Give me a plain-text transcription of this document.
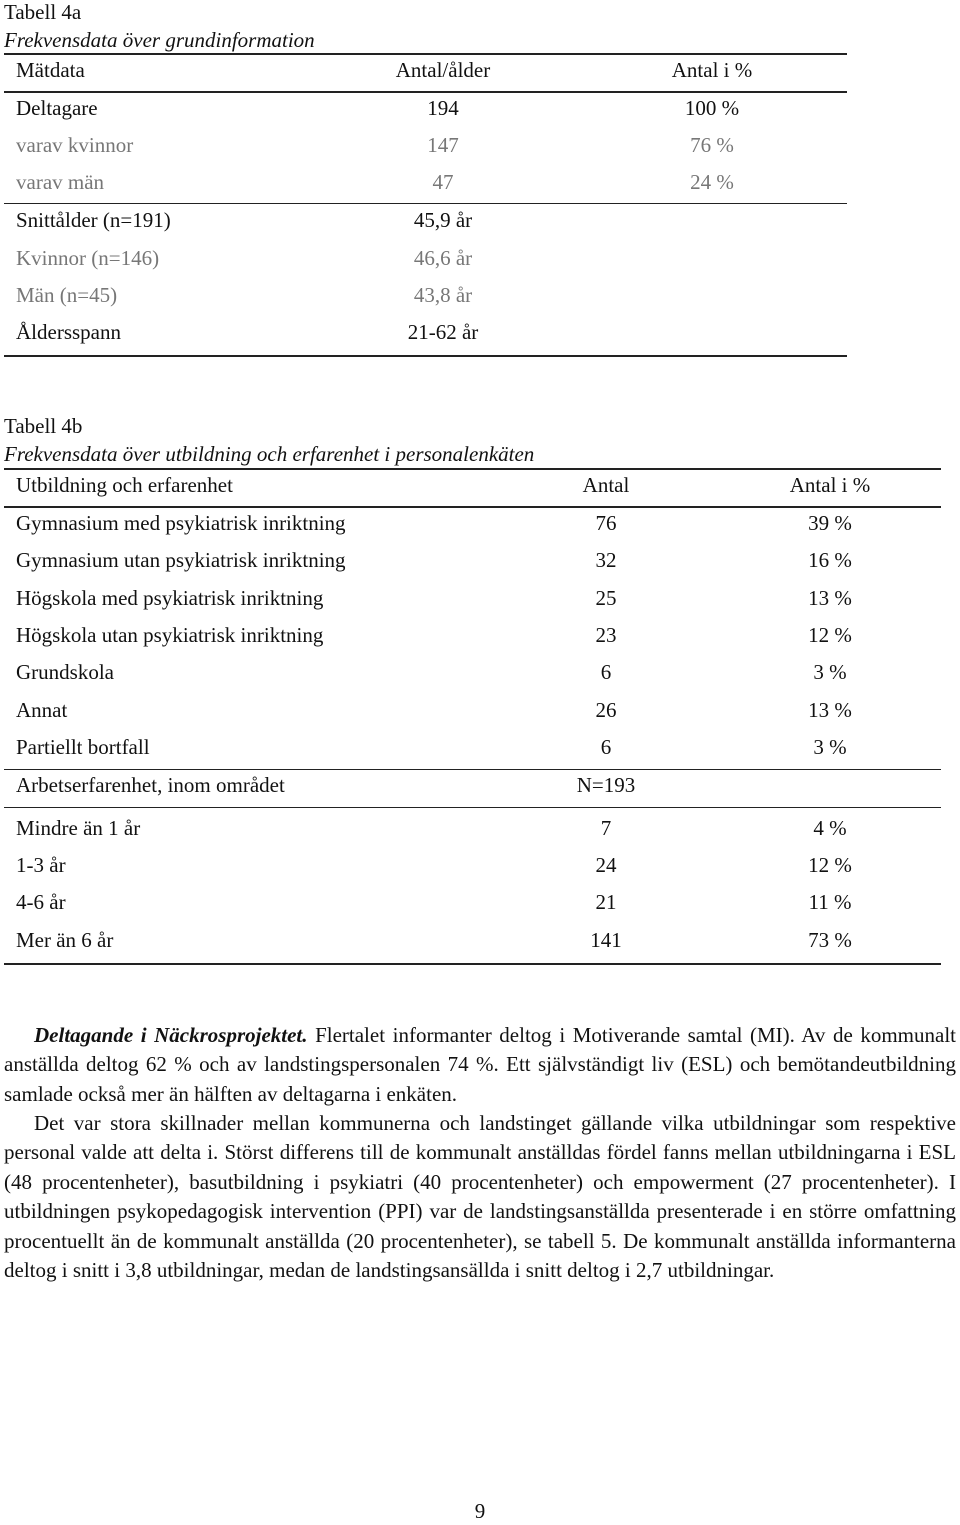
Tabell 4a
Frekvensdata över grundinformation
Mätdata	Antal/ålder	Antal i %
Deltagare	194	100 %
varav kvinnor	147	76 %
varav män	47	24 %
Snittålder (n=191)	45,9 år
Kvinnor (n=146)	46,6 år
Män (n=45)	43,8 år
Åldersspann	21-62 år
Tabell 4b
Frekvensdata över utbildning och erfarenhet i personalenkäten
Utbildning och erfarenhet	Antal	Antal i %
Gymnasium med psykiatrisk inriktning	76	39 %
Gymnasium utan psykiatrisk inriktning	32	16 %
Högskola med psykiatrisk inriktning	25	13 %
Högskola utan psykiatrisk inriktning	23	12 %
Grundskola	6	3 %
Annat	26	13 %
Partiellt bortfall	6	3 %
Arbetserfarenhet, inom området	N=193
Mindre än 1 år	7	4 %
1-3 år	24	12 %
4-6 år	21	11 %
Mer än 6 år	141	73 %
Deltagande i Näckrosprojektet. Flertalet informanter deltog i Motiverande samtal (MI). Av de kommunalt anställda deltog 62 % och av landstingspersonalen 74 %. Ett självständigt liv (ESL) och bemötandeutbildning samlade också mer än hälften av deltagarna i enkäten.
Det var stora skillnader mellan kommunerna och landstinget gällande vilka utbildningar som respektive personal valde att delta i. Störst differens till de kommunalt anställdas fördel fanns mellan utbildningarna i ESL (48 procentenheter), basutbildning i psykiatri (40 procentenheter) och empowerment (27 procentenheter). I utbildningen psykopedagogisk intervention (PPI) var de landstingsanställda presenterade i en större omfattning procentuellt än de kommunalt anställda (20 procentenheter), se tabell 5. De kommunalt anställda informanterna deltog i snitt i 3,8 utbildningar, medan de landstingsansällda i snitt deltog i 2,7 utbildningar.
9
